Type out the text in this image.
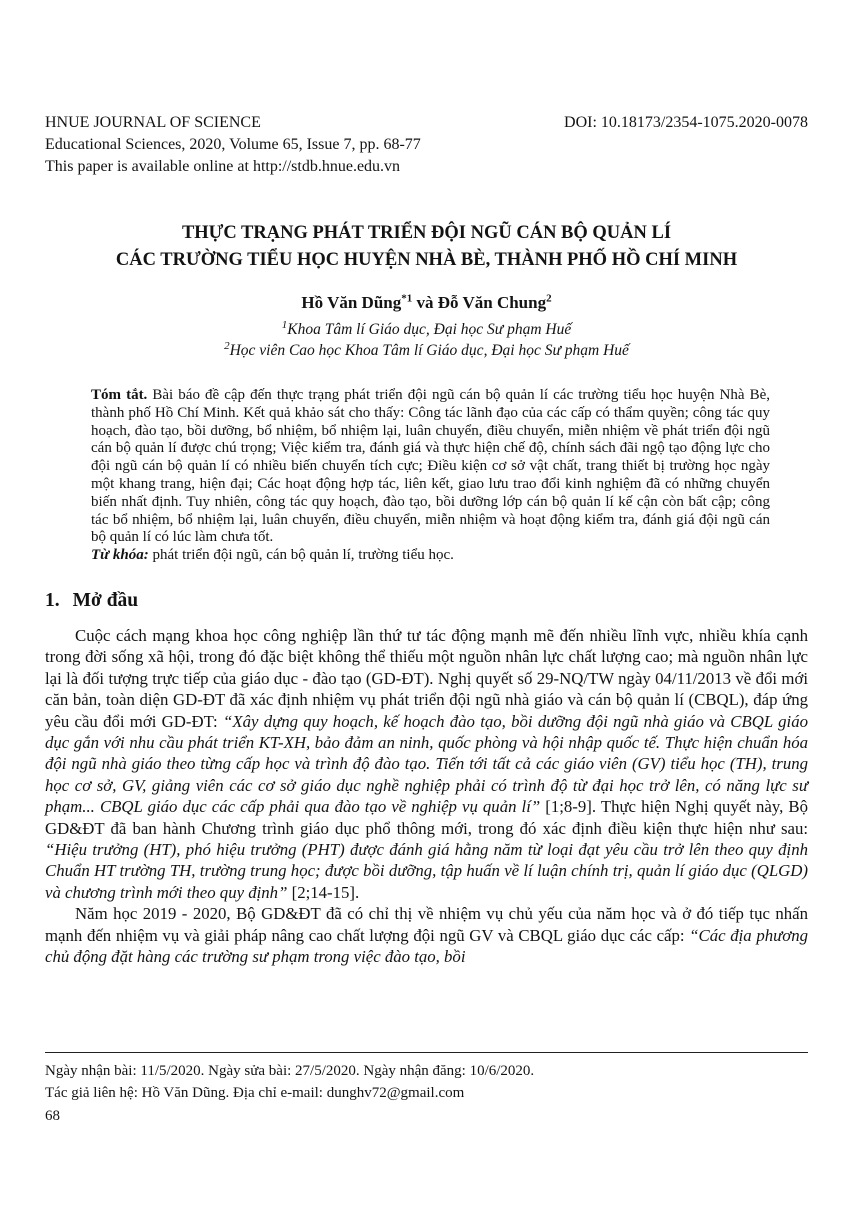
HNUE JOURNAL OF SCIENCE	DOI: 10.18173/2354-1075.2020-0078
Educational Sciences, 2020, Volume 65, Issue 7, pp. 68-77
This paper is available online at http://stdb.hnue.edu.vn
THỰC TRẠNG PHÁT TRIỂN ĐỘI NGŨ CÁN BỘ QUẢN LÍ
CÁC TRƯỜNG TIỂU HỌC HUYỆN NHÀ BÈ, THÀNH PHỐ HỒ CHÍ MINH
Hồ Văn Dũng$^{*1}$ và Đỗ Văn Chung$^2$
$^1$Khoa Tâm lí Giáo dục, Đại học Sư phạm Huế
$^2$Học viên Cao học Khoa Tâm lí Giáo dục, Đại học Sư phạm Huế

Tóm tắt. Bài báo đề cập đến thực trạng phát triển đội ngũ cán bộ quản lí các trường tiểu học huyện Nhà Bè, thành phố Hồ Chí Minh. Kết quả khảo sát cho thấy: Công tác lãnh đạo của các cấp có thẩm quyền; công tác quy hoạch, đào tạo, bồi dưỡng, bổ nhiệm, bổ nhiệm lại, luân chuyển, điều chuyển, miễn nhiệm về phát triển đội ngũ cán bộ quản lí được chú trọng; Việc kiểm tra, đánh giá và thực hiện chế độ, chính sách đãi ngộ tạo động lực cho đội ngũ cán bộ quản lí có nhiều biến chuyển tích cực; Điều kiện cơ sở vật chất, trang thiết bị trường học ngày một khang trang, hiện đại; Các hoạt động hợp tác, liên kết, giao lưu trao đổi kinh nghiệm đã có những chuyển biến nhất định. Tuy nhiên, công tác quy hoạch, đào tạo, bồi dưỡng lớp cán bộ quản lí kế cận còn bất cập; công tác bổ nhiệm, bổ nhiệm lại, luân chuyển, điều chuyển, miễn nhiệm và hoạt động kiểm tra, đánh giá đội ngũ cán bộ quản lí có lúc làm chưa tốt.

Từ khóa: phát triển đội ngũ, cán bộ quản lí, trường tiểu học.

1. Mở đầu

Cuộc cách mạng khoa học công nghiệp lần thứ tư tác động mạnh mẽ đến nhiều lĩnh vực, nhiều khía cạnh trong đời sống xã hội, trong đó đặc biệt không thể thiếu một nguồn nhân lực chất lượng cao; mà nguồn nhân lực lại là đối tượng trực tiếp của giáo dục - đào tạo (GD-ĐT). Nghị quyết số 29-NQ/TW ngày 04/11/2013 về đổi mới căn bản, toàn diện GD-ĐT đã xác định nhiệm vụ phát triển đội ngũ nhà giáo và cán bộ quản lí (CBQL), đáp ứng yêu cầu đổi mới GD-ĐT: “Xây dựng quy hoạch, kế hoạch đào tạo, bồi dưỡng đội ngũ nhà giáo và CBQL giáo dục gắn với nhu cầu phát triển KT-XH, bảo đảm an ninh, quốc phòng và hội nhập quốc tế. Thực hiện chuẩn hóa đội ngũ nhà giáo theo từng cấp học và trình độ đào tạo. Tiến tới tất cả các giáo viên (GV) tiểu học (TH), trung học cơ sở, GV, giảng viên các cơ sở giáo dục nghề nghiệp phải có trình độ từ đại học trở lên, có năng lực sư phạm... CBQL giáo dục các cấp phải qua đào tạo về nghiệp vụ quản lí” [1;8-9]. Thực hiện Nghị quyết này, Bộ GD&ĐT đã ban hành Chương trình giáo dục phổ thông mới, trong đó xác định điều kiện thực hiện như sau: “Hiệu trưởng (HT), phó hiệu trưởng (PHT) được đánh giá hằng năm từ loại đạt yêu cầu trở lên theo quy định Chuẩn HT trường TH, trường trung học; được bồi dưỡng, tập huấn về lí luận chính trị, quản lí giáo dục (QLGD) và chương trình mới theo quy định” [2;14-15].

Năm học 2019 - 2020, Bộ GD&ĐT đã có chỉ thị về nhiệm vụ chủ yếu của năm học và ở đó tiếp tục nhấn mạnh đến nhiệm vụ và giải pháp nâng cao chất lượng đội ngũ GV và CBQL giáo dục các cấp: “Các địa phương chủ động đặt hàng các trường sư phạm trong việc đào tạo, bồi

Ngày nhận bài: 11/5/2020. Ngày sửa bài: 27/5/2020. Ngày nhận đăng: 10/6/2020.
Tác giả liên hệ: Hồ Văn Dũng. Địa chỉ e-mail: dunghv72@gmail.com
68
